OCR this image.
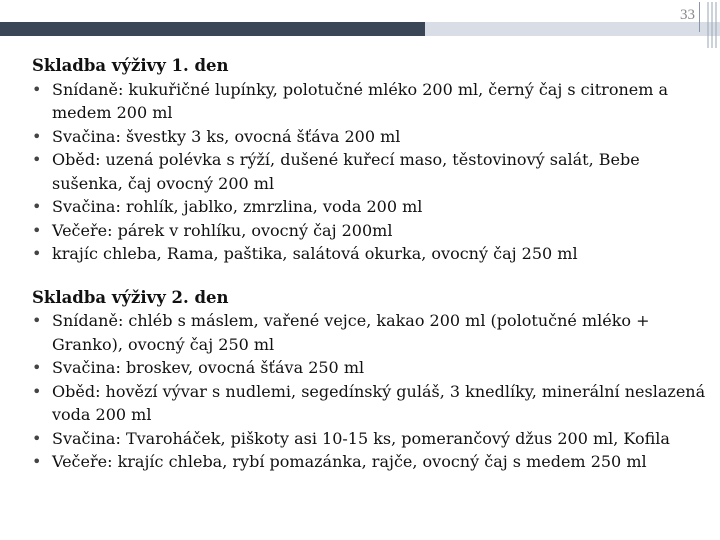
33
Skladba výživy 1. den
• Snídaně: kukuřičné lupínky, polotučné mléko 200 ml, černý čaj s citronem a medem 200 ml
• Svačina: švestky 3 ks, ovocná šťáva 200 ml
• Oběd: uzená polévka s rýží, dušené kuřecí maso, těstovinový salát, Bebe sušenka, čaj ovocný 200 ml
• Svačina: rohlík, jablko, zmrzlina, voda 200 ml
• Večeře: párek v rohlíku, ovocný čaj 200ml
• krajíc chleba, Rama, paštika, salátová okurka, ovocný čaj 250 ml
Skladba výživy 2. den
• Snídaně: chléb s máslem, vařené vejce, kakao 200 ml (polotučné mléko + Granko), ovocný čaj 250 ml
• Svačina: broskev, ovocná šťáva 250 ml
• Oběd: hovězí vývar s nudlemi, segedínský guláš, 3 knedlíky, minerální neslazená voda 200 ml
• Svačina: Tvaroháček, piškoty asi 10-15 ks, pomerančový džus 200 ml, Kofila
• Večeře: krajíc chleba, rybí pomazánka, rajče, ovocný čaj s medem 250 ml
